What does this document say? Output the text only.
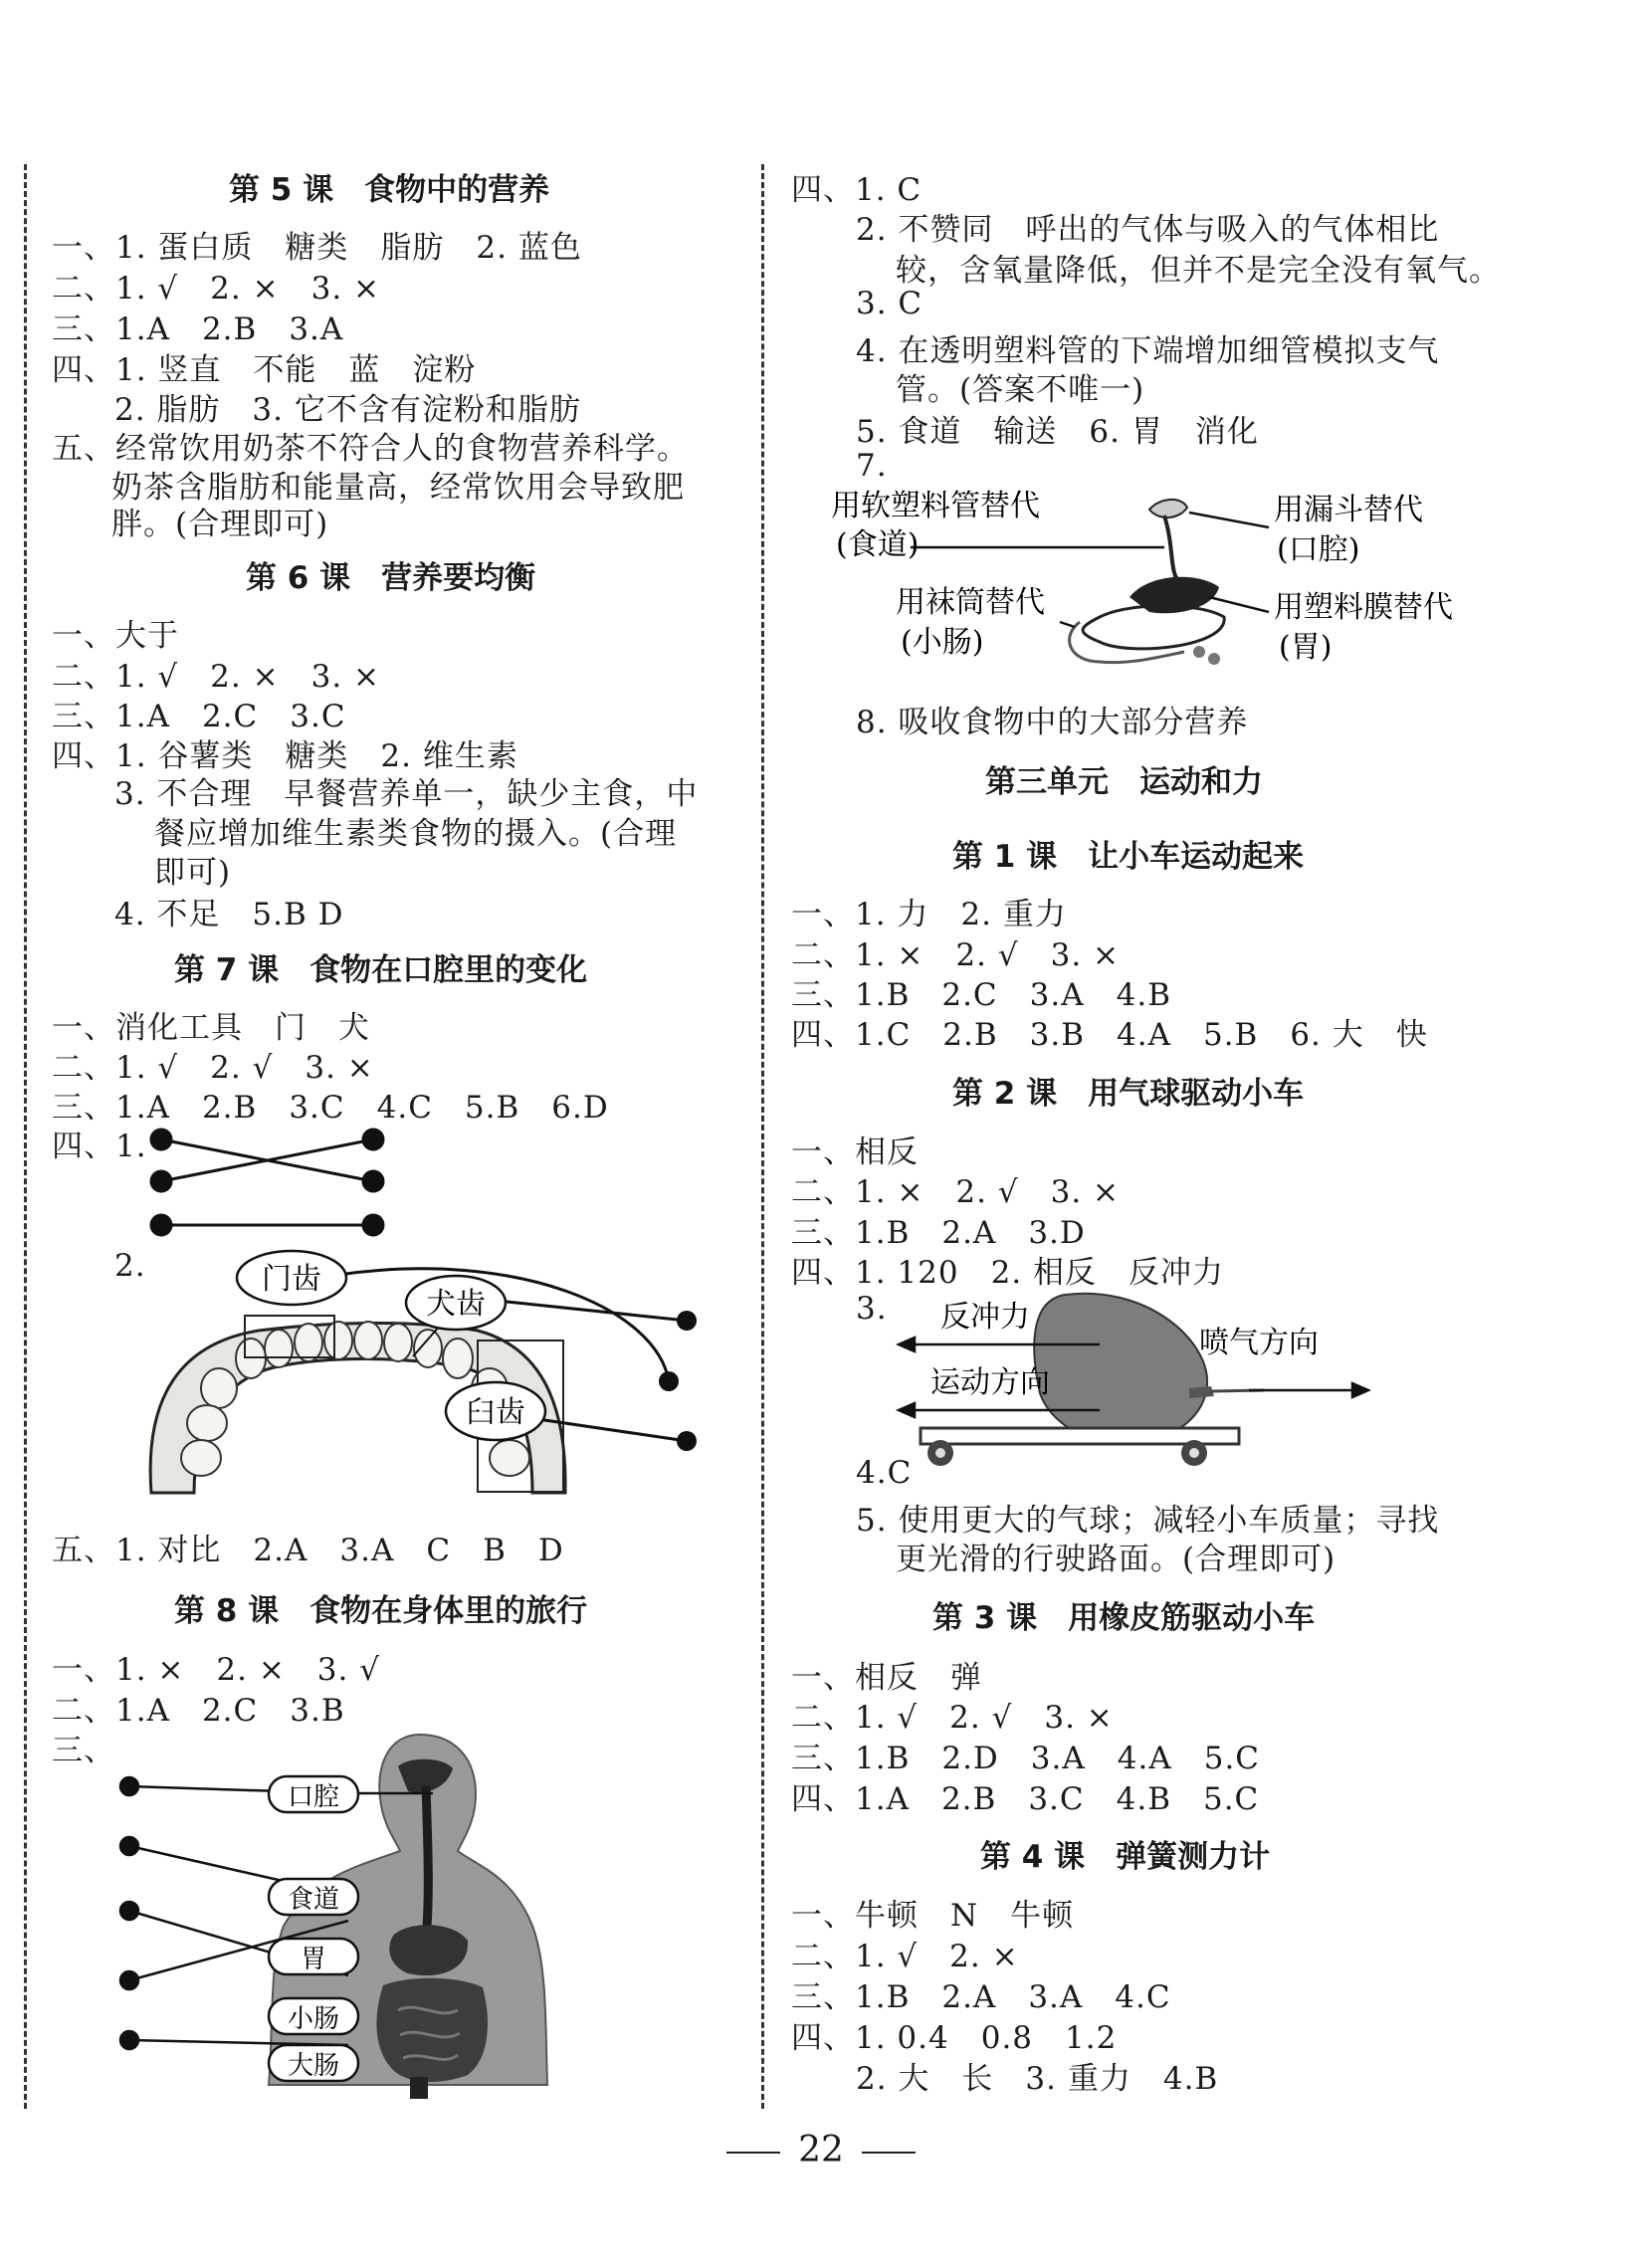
第 5 课　食物中的营养
一、1. 蛋白质　糖类　脂肪　2. 蓝色
二、1. √　2. ×　3. ×
三、1.A　2.B　3.A
四、1. 竖直　不能　蓝　淀粉
2. 脂肪　3. 它不含有淀粉和脂肪
五、经常饮用奶茶不符合人的食物营养科学。
奶茶含脂肪和能量高，经常饮用会导致肥
胖。(合理即可)
第 6 课　营养要均衡
一、大于
二、1. √　2. ×　3. ×
三、1.A　2.C　3.C
四、1. 谷薯类　糖类　2. 维生素
3. 不合理　早餐营养单一，缺少主食，中
餐应增加维生素类食物的摄入。(合理
即可)
4. 不足　5.B D
第 7 课　食物在口腔里的变化
一、消化工具　门　犬
二、1. √　2. √　3. ×
三、1.A　2.B　3.C　4.C　5.B　6.D
四、1.
2.	门齿
犬齿
臼齿
五、1. 对比　2.A　3.A　C　B　D
第 8 课　食物在身体里的旅行
一、1. ×　2. ×　3. √
二、1.A　2.C　3.B
三、
口腔
食道
胃
小肠
大肠
四、1. C
2. 不赞同　呼出的气体与吸入的气体相比
较，含氧量降低，但并不是完全没有氧气。
3. C
4. 在透明塑料管的下端增加细管模拟支气
管。(答案不唯一)
5. 食道　输送　6. 胃　消化
7.
用软塑料管替代
(食道)
用袜筒替代
(小肠)
用漏斗替代
(口腔)
用塑料膜替代
(胃)
8. 吸收食物中的大部分营养
第三单元　运动和力
第 1 课　让小车运动起来
一、1. 力　2. 重力
二、1. ×　2. √　3. ×
三、1.B　2.C　3.A　4.B
四、1.C　2.B　3.B　4.A　5.B　6. 大　快
第 2 课　用气球驱动小车
一、相反
二、1. ×　2. √　3. ×
三、1.B　2.A　3.D
四、1. 120　2. 相反　反冲力
3. 反冲力
运动方向
喷气方向
4.C
5. 使用更大的气球；减轻小车质量；寻找
更光滑的行驶路面。(合理即可)
第 3 课　用橡皮筋驱动小车
一、相反　弹
二、1. √　2. √　3. ×
三、1.B　2.D　3.A　4.A　5.C
四、1.A　2.B　3.C　4.B　5.C
第 4 课　弹簧测力计
一、牛顿　N　牛顿
二、1. √　2. ×
三、1.B　2.A　3.A　4.C
四、1. 0.4　0.8　1.2
2. 大　长　3. 重力　4.B
22
